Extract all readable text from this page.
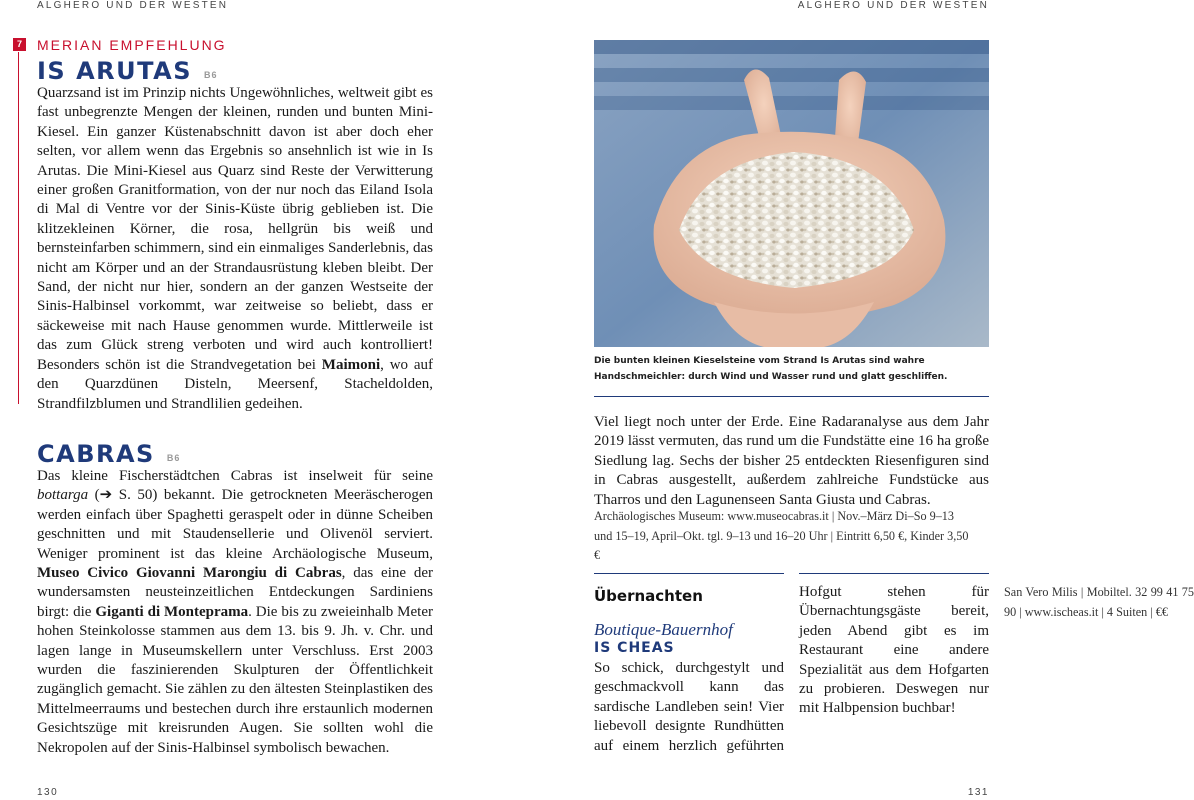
ALGHERO UND DER WESTEN	ALGHERO UND DER WESTEN
7 MERIAN EMPFEHLUNG
IS ARUTAS B6
Quarzsand ist im Prinzip nichts Ungewöhnliches, weltweit gibt es fast unbegrenzte Mengen der kleinen, runden und bunten Mini-Kiesel. Ein ganzer Küstenabschnitt davon ist aber doch eher selten, vor allem wenn das Ergebnis so ansehnlich ist wie in Is Arutas. Die Mini-Kiesel aus Quarz sind Reste der Verwitterung einer großen Granitformation, von der nur noch das Eiland Isola di Mal di Ventre vor der Sinis-Küste übrig geblieben ist. Die klitzekleinen Körner, die rosa, hellgrün bis weiß und bernsteinfarben schimmern, sind ein einmaliges Sanderlebnis, das nicht am Körper und an der Strandausrüstung kleben bleibt. Der Sand, der nicht nur hier, sondern an der ganzen Westseite der Sinis-Halbinsel vorkommt, war zeitweise so beliebt, dass er säckeweise mit nach Hause genommen wurde. Mittlerweile ist das zum Glück streng verboten und wird auch kontrolliert! Besonders schön ist die Strandvegetation bei Maimoni, wo auf den Quarzdünen Disteln, Meersenf, Stacheldolden, Strandfilzblumen und Strandlilien gedeihen.
CABRAS B6
Das kleine Fischerstädtchen Cabras ist inselweit für seine bottarga (➔ S. 50) bekannt. Die getrockneten Meeräscherogen werden einfach über Spaghetti geraspelt oder in dünne Scheiben geschnitten und mit Staudensellerie und Olivenöl serviert. Weniger prominent ist das kleine Archäologische Museum, Museo Civico Giovanni Marongiu di Cabras, das eine der wundersamsten neusteinzeitlichen Entdeckungen Sardiniens birgt: die Giganti di Monteprama. Die bis zu zweieinhalb Meter hohen Steinkolosse stammen aus dem 13. bis 9. Jh. v. Chr. und lagen lange in Museumskellern unter Verschluss. Erst 2003 wurden die faszinierenden Skulpturen der Öffentlichkeit zugänglich gemacht. Sie zählen zu den ältesten Steinplastiken des Mittelmeerraums und bestechen durch ihre erstaunlich modernen Gesichtszüge mit kreisrunden Augen. Sie sollten wohl die Nekropolen auf der Sinis-Halbinsel symbolisch bewachen.
130	131
Die bunten kleinen Kieselsteine vom Strand Is Arutas sind wahre Handschmeichler: durch Wind und Wasser rund und glatt geschliffen.
Viel liegt noch unter der Erde. Eine Radaranalyse aus dem Jahr 2019 lässt vermuten, das rund um die Fundstätte eine 16 ha große Siedlung lag. Sechs der bisher 25 entdeckten Riesenfiguren sind in Cabras ausgestellt, außerdem zahlreiche Fundstücke aus Tharros und den Lagunenseen Santa Giusta und Cabras.
Archäologisches Museum: www.museocabras.it | Nov.–März Di–So 9–13 und 15–19, April–Okt. tgl. 9–13 und 16–20 Uhr | Eintritt 6,50 €, Kinder 3,50 €
Übernachten
Boutique-Bauernhof
IS CHEAS
So schick, durchgestylt und geschmackvoll kann das sardische Landleben sein! Vier liebevoll designte Rundhütten auf einem herzlich geführten Hofgut stehen für Übernachtungsgäste bereit, jeden Abend gibt es im Restaurant eine andere Spezialität aus dem Hofgarten zu probieren. Deswegen nur mit Halbpension buchbar!
San Vero Milis | Mobiltel. 32 99 41 75 90 | www.ischeas.it | 4 Suiten | €€
